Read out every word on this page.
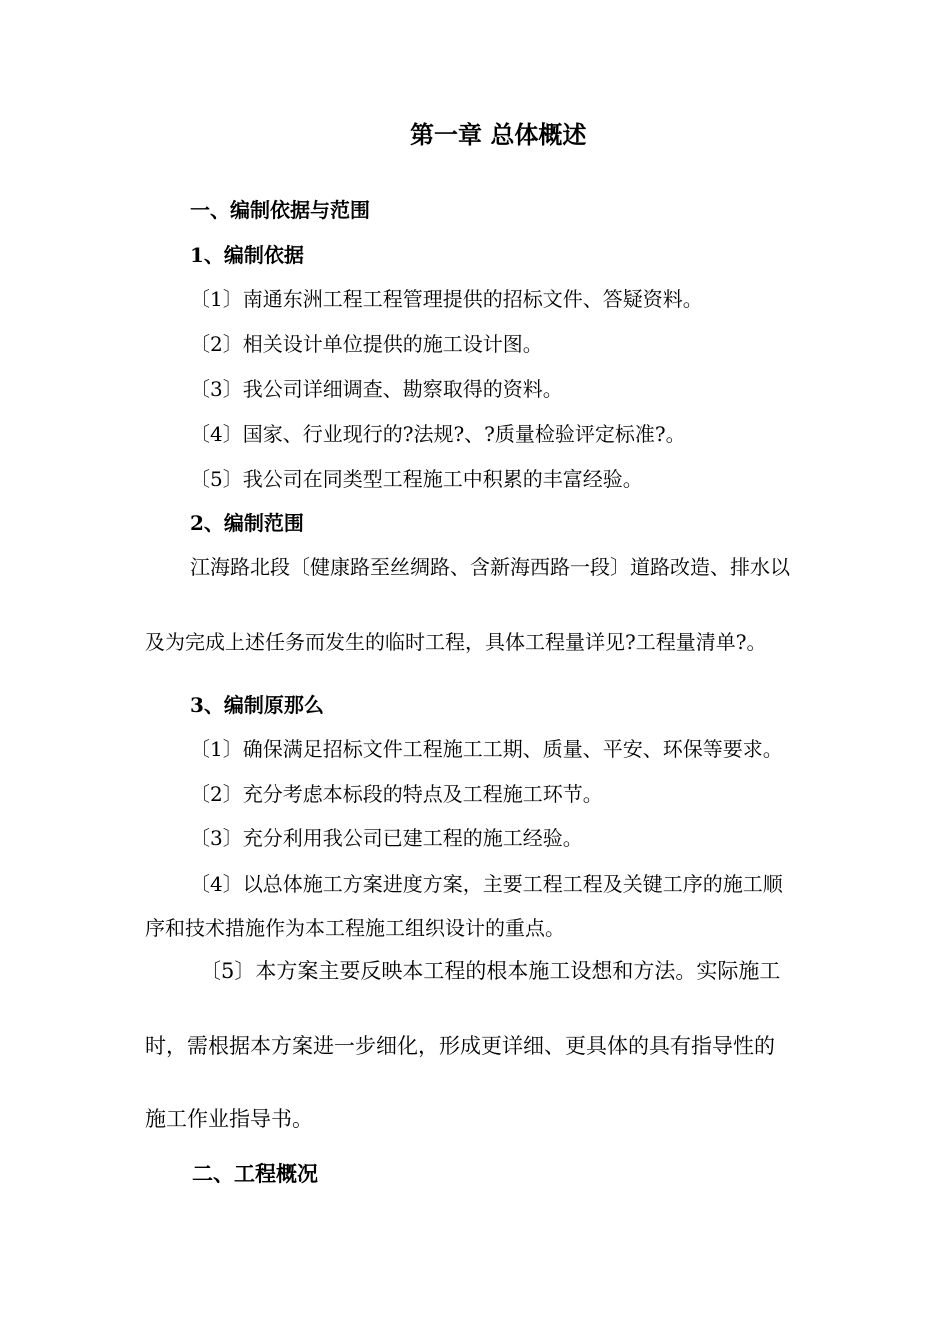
第一章 总体概述
一、编制依据与范围
1、编制依据
〔1〕南通东洲工程工程管理提供的招标文件、答疑资料。
〔2〕相关设计单位提供的施工设计图。
〔3〕我公司详细调查、勘察取得的资料。
〔4〕国家、行业现行的?法规?、?质量检验评定标准?。
〔5〕我公司在同类型工程施工中积累的丰富经验。
2、编制范围
江海路北段〔健康路至丝绸路、含新海西路一段〕道路改造、排水以
及为完成上述任务而发生的临时工程，具体工程量详见?工程量清单?。
3、编制原那么
〔1〕确保满足招标文件工程施工工期、质量、平安、环保等要求。
〔2〕充分考虑本标段的特点及工程施工环节。
〔3〕充分利用我公司已建工程的施工经验。
〔4〕以总体施工方案进度方案，主要工程工程及关键工序的施工顺
序和技术措施作为本工程施工组织设计的重点。
〔5〕本方案主要反映本工程的根本施工设想和方法。实际施工
时，需根据本方案进一步细化，形成更详细、更具体的具有指导性的
施工作业指导书。
二、工程概况
